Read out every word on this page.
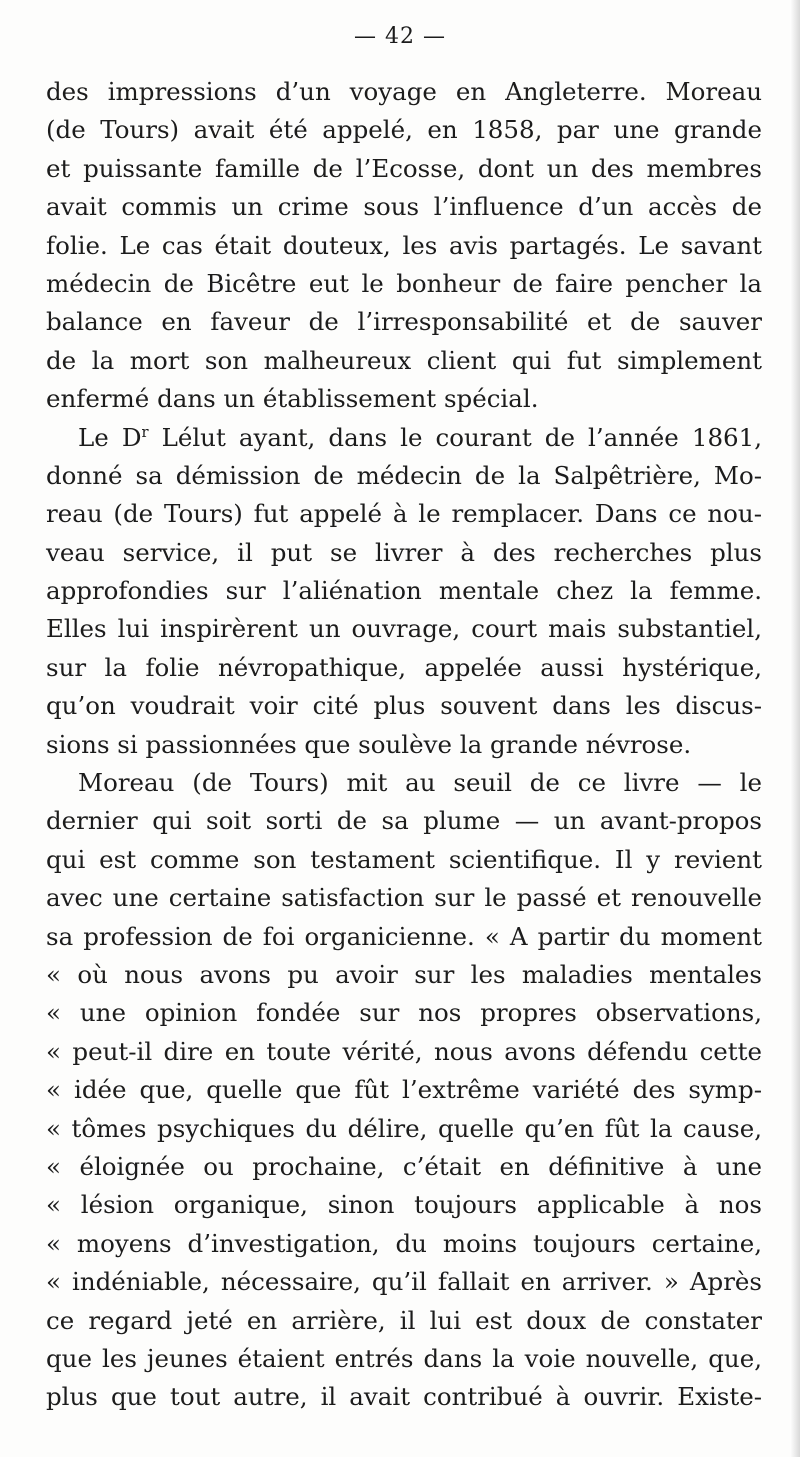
— 42 —
des impressions d’un voyage en Angleterre. Moreau
(de Tours) avait été appelé, en 1858, par une grande
et puissante famille de l’Ecosse, dont un des membres
avait commis un crime sous l’influence d’un accès de
folie. Le cas était douteux, les avis partagés. Le savant
médecin de Bicêtre eut le bonheur de faire pencher la
balance en faveur de l’irresponsabilité et de sauver
de la mort son malheureux client qui fut simplement
enfermé dans un établissement spécial.
Le $D^r$ Lélut ayant, dans le courant de l’année 1861,
donné sa démission de médecin de la Salpêtrière, Mo-
reau (de Tours) fut appelé à le remplacer. Dans ce nou-
veau service, il put se livrer à des recherches plus
approfondies sur l’aliénation mentale chez la femme.
Elles lui inspirèrent un ouvrage, court mais substantiel,
sur la folie névropathique, appelée aussi hystérique,
qu’on voudrait voir cité plus souvent dans les discus-
sions si passionnées que soulève la grande névrose.
Moreau (de Tours) mit au seuil de ce livre — le
dernier qui soit sorti de sa plume — un avant-propos
qui est comme son testament scientifique. Il y revient
avec une certaine satisfaction sur le passé et renouvelle
sa profession de foi organicienne. « A partir du moment
« où nous avons pu avoir sur les maladies mentales
« une opinion fondée sur nos propres observations,
« peut-il dire en toute vérité, nous avons défendu cette
« idée que, quelle que fût l’extrême variété des symp-
« tômes psychiques du délire, quelle qu’en fût la cause,
« éloignée ou prochaine, c’était en définitive à une
« lésion organique, sinon toujours applicable à nos
« moyens d’investigation, du moins toujours certaine,
« indéniable, nécessaire, qu’il fallait en arriver. » Après
ce regard jeté en arrière, il lui est doux de constater
que les jeunes étaient entrés dans la voie nouvelle, que,
plus que tout autre, il avait contribué à ouvrir. Existe-
